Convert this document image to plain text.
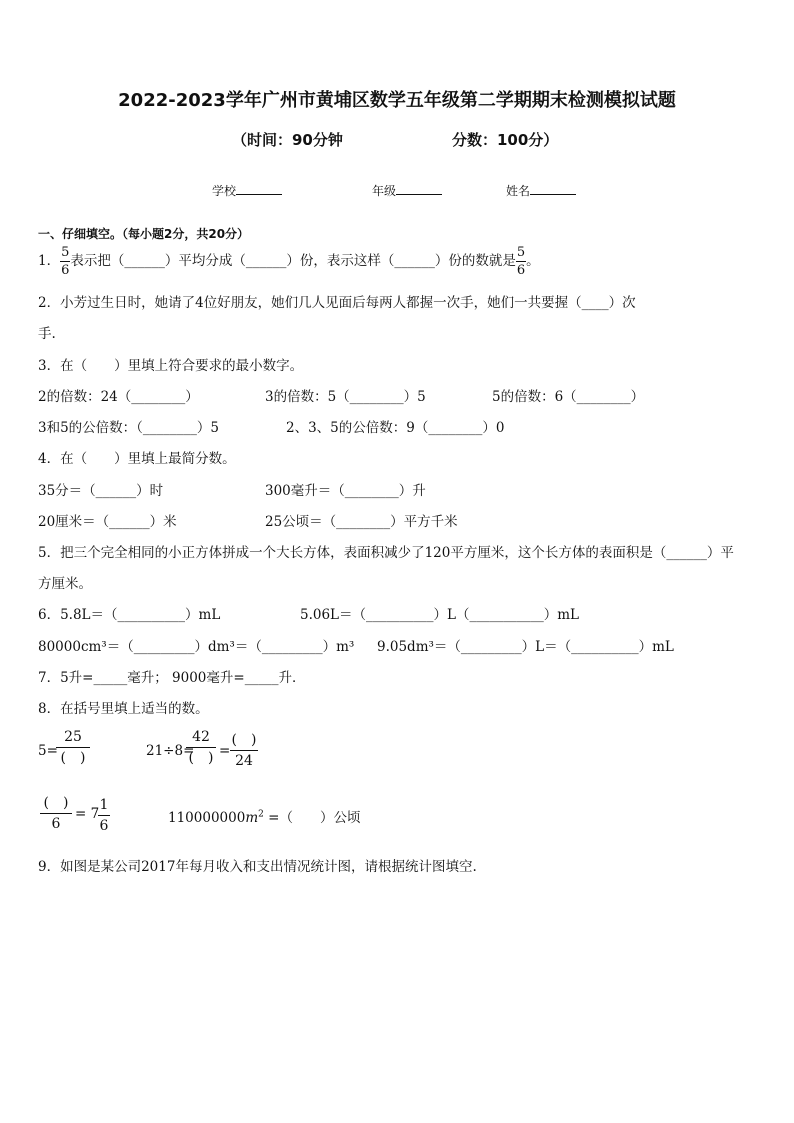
2022-2023学年广州市黄埔区数学五年级第二学期期末检测模拟试题
（时间：90分钟	分数：100分）
学校	年级	姓名
一、仔细填空。（每小题2分，共20分）
1． $\frac{5}{6}$ 表示把（______）平均分成（______）份，表示这样（______）份的数就是 $\frac{5}{6}$ 。
2．小芳过生日时，她请了4位好朋友，她们几人见面后每两人都握一次手，她们一共要握（____）次
手.
3．在（　　）里填上符合要求的最小数字。
2的倍数：24（________）	3的倍数：5（________）5	5的倍数：6（________）
3和5的公倍数：（________）5	2、3、5的公倍数：9（________）0
4．在（　　）里填上最简分数。
35分＝（______）时	300毫升＝（________）升
20厘米＝（______）米	25公顷＝（________）平方千米
5．把三个完全相同的小正方体拼成一个大长方体，表面积减少了120平方厘米，这个长方体的表面积是（______）平
方厘米。
6．5.8L＝（__________）mL	5.06L＝（__________）L（___________）mL
80000cm³＝（_________）dm³＝（_________）m³ 9.05dm³＝（_________）L＝（__________）mL
7．5升=_____毫升； 9000毫升=_____升．
8．在括号里填上适当的数。
5=
25
(　)	21÷8=
42
(　) =
(　)
24
(　)
6
= 7
1
6	$110000000m^2$ =（　　）公顷
9．如图是某公司2017年每月收入和支出情况统计图，请根据统计图填空.
